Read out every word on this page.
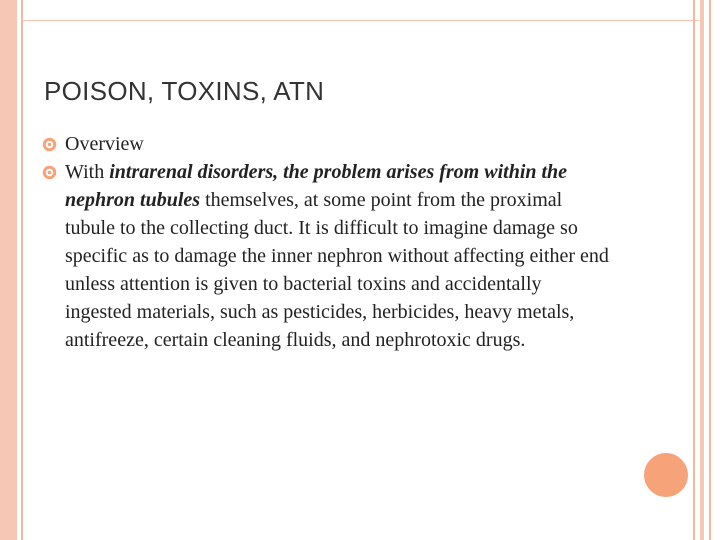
POISON, TOXINS, ATN
Overview
With intrarenal disorders, the problem arises from within the nephron tubules themselves, at some point from the proximal tubule to the collecting duct. It is difficult to imagine damage so specific as to damage the inner nephron without affecting either end unless attention is given to bacterial toxins and accidentally ingested materials, such as pesticides, herbicides, heavy metals, antifreeze, certain cleaning fluids, and nephrotoxic drugs.
